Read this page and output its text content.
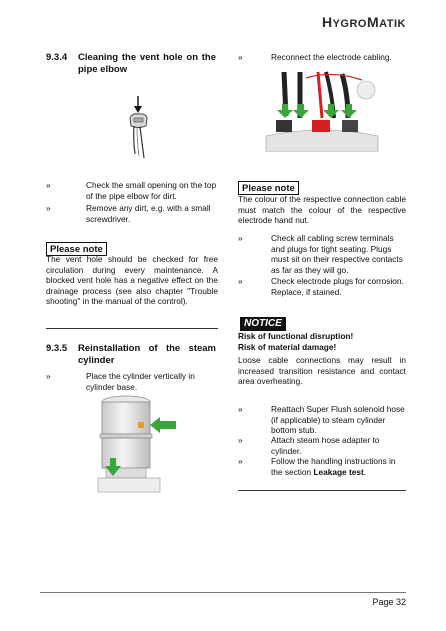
HYGROMATIK
9.3.4 Cleaning the vent hole on the pipe elbow
»	Check the small opening on the top of the pipe elbow for dirt.
»	Remove any dirt, e.g. with a small screwdriver.
Please note
The vent hole should be checked for free circulation during every maintenance. A blocked vent hole has a negative effect on the drainage process (see also chapter "Trouble shooting" in the manual of the control).
9.3.5 Reinstallation of the steam cylinder
»	Place the cylinder vertically in cylinder base.
»	Reconnect the electrode cabling.
Please note
The colour of the respective connection cable must match the colour of the respective electrode hand nut.
»	Check all cabling screw terminals and plugs for tight seating. Plugs must sit on their respective contacts as far as they will go.
»	Check electrode plugs for corrosion. Replace, if stained.
NOTICE
Risk of functional disruption!
Risk of material damage!
Loose cable connections may result in increased transition resistance and contact area overheating.
»	Reattach Super Flush solenoid hose (if applicable) to steam cylinder bottom stub.
»	Attach steam hose adapter to cylinder.
»	Follow the handling instructions in the section Leakage test.
Page 32
